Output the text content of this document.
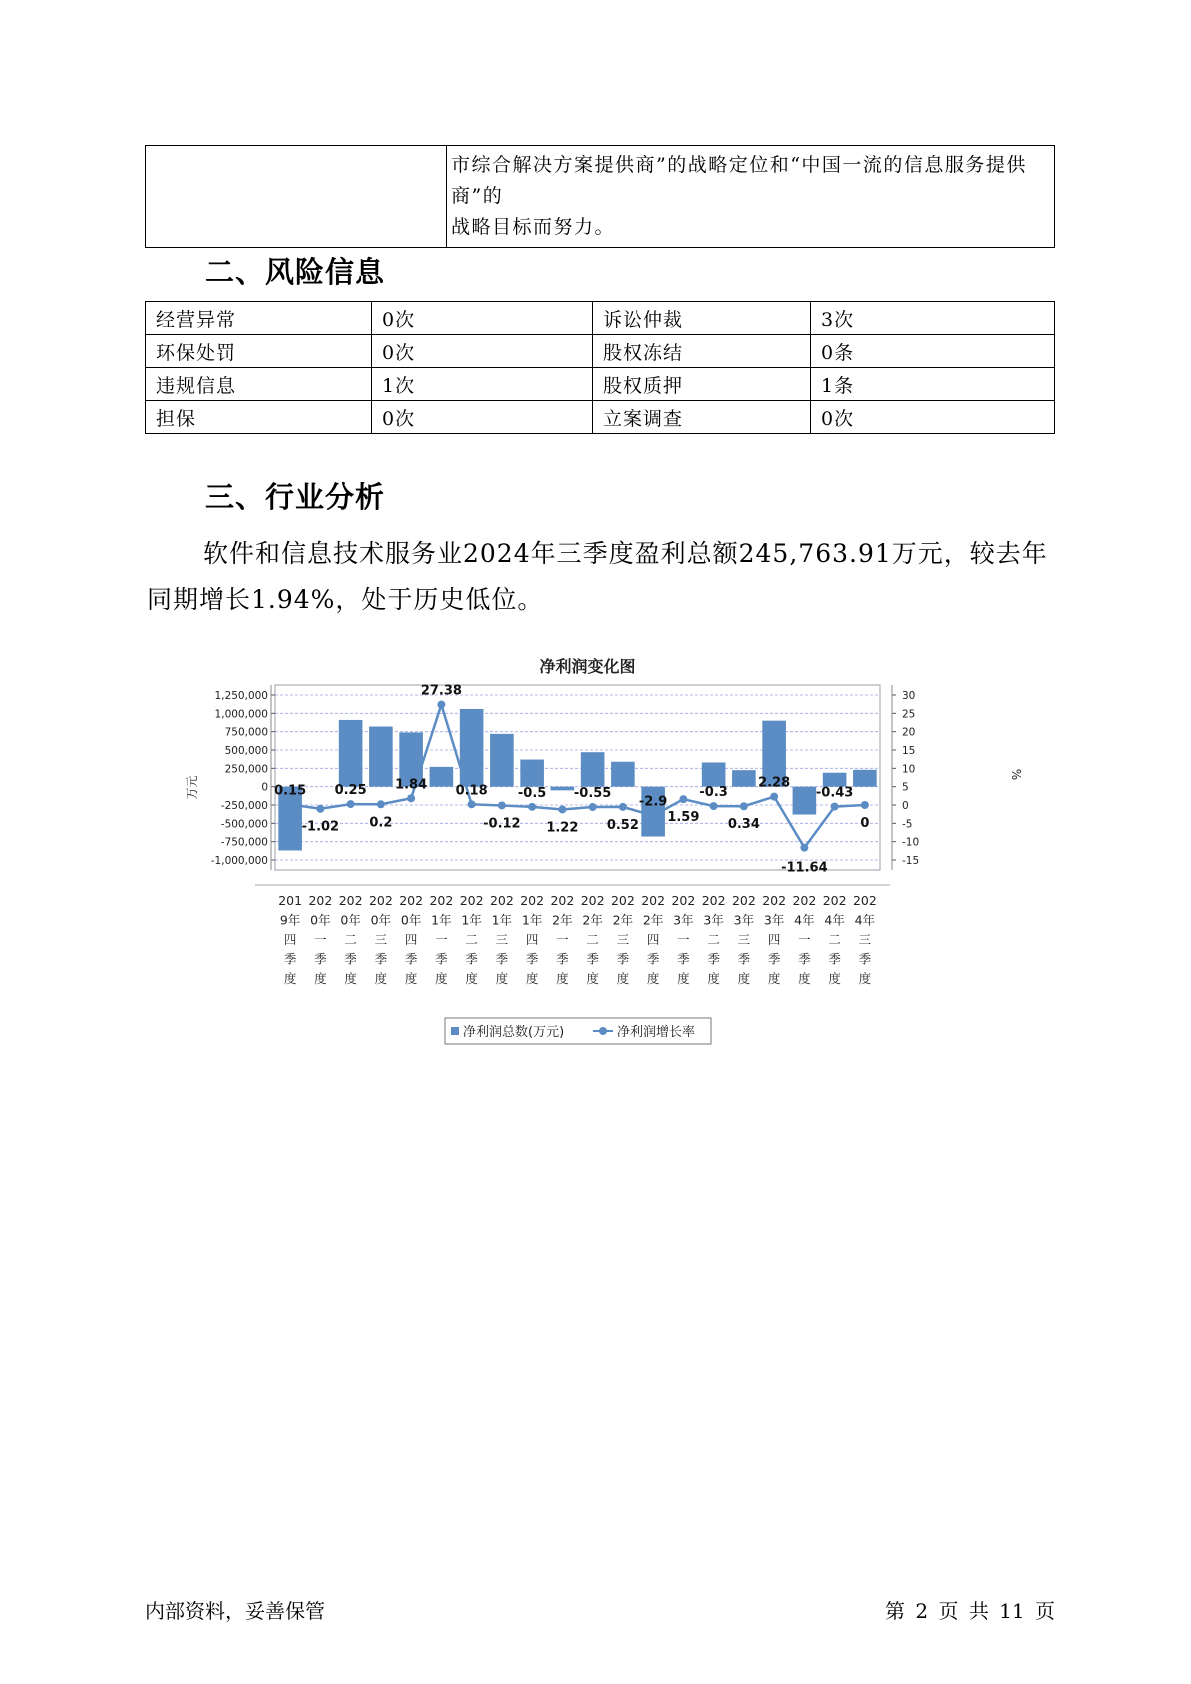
市综合解决方案提供商”的战略定位和“中国一流的信息服务提供商”的
战略目标而努力。
二、风险信息
经营异常	0次	诉讼仲裁	3次
环保处罚	0次	股权冻结	0条
违规信息	1次	股权质押	1条
担保	0次	立案调查	0次
三、行业分析

软件和信息技术服务业2024年三季度盈利总额245,763.91万元，较去年同期增长1.94%，处于历史低位。

净利润变化图
1,250,000
1,000,000
750,000
500,000
250,000
0
-250,000
-500,000
-750,000
-1,000,000
30
25
20
15
10
5
0
-5
-10
-15
万元
%
0.15
-1.02
0.25
0.2
1.84
27.38
0.18
-0.12
-0.5
1.22
-0.55
0.52
-2.9
1.59
-0.3
0.34
2.28
-11.64
-0.43
0
201
9年
四
季
度
202
0年
一
季
度
202
0年
二
季
度
202
0年
三
季
度
202
0年
四
季
度
202
1年
一
季
度
202
1年
二
季
度
202
1年
三
季
度
202
1年
四
季
度
202
2年
一
季
度
202
2年
二
季
度
202
2年
三
季
度
202
2年
四
季
度
202
3年
一
季
度
202
3年
二
季
度
202
3年
三
季
度
202
3年
四
季
度
202
4年
一
季
度
202
4年
二
季
度
202
4年
三
季
度
净利润总数(万元)	净利润增长率
内部资料，妥善保管	第 2 页 共 11 页
